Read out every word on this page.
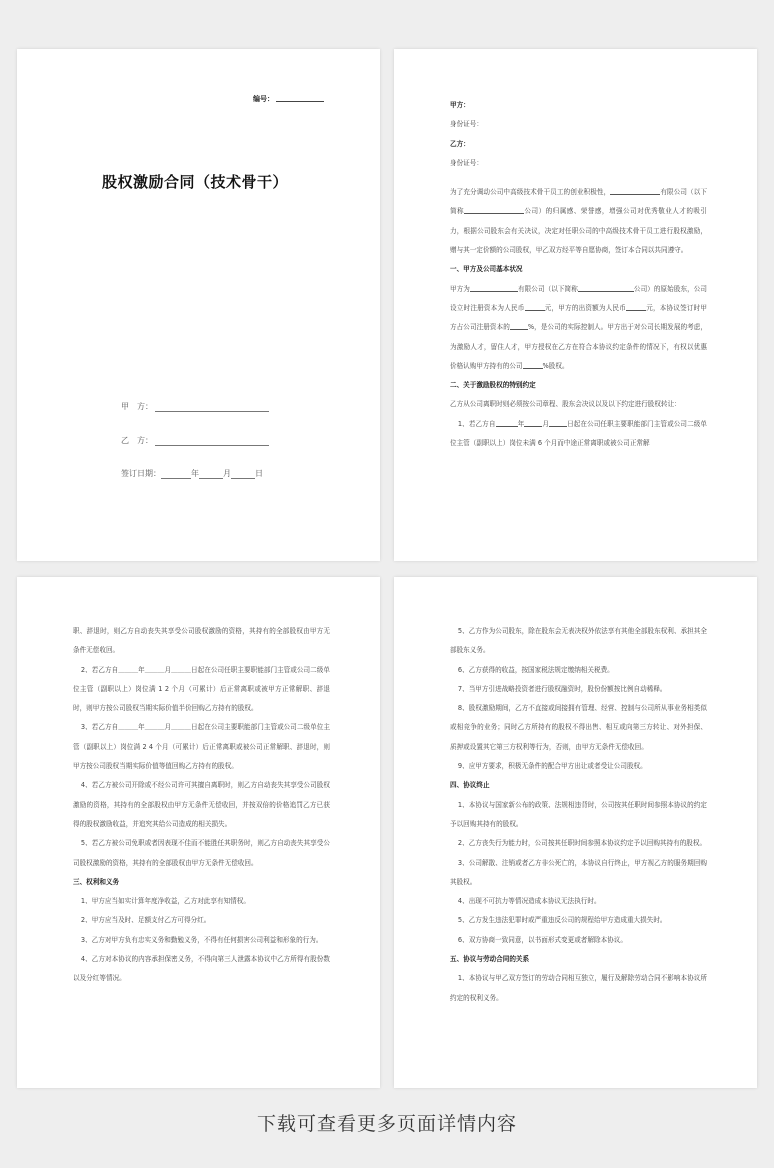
编号：
股权激励合同（技术骨干）
甲　方：
乙　方：
签订日期：	年	月	日

甲方：

身份证号：

乙方：

身份证号：

为了充分调动公司中高级技术骨干员工的创业积极性，	有限公司（以下简称	公司）的归属感、荣誉感，增强公司对优秀敬业人才的吸引力，根据公司股东会有关决议，决定对任职公司的中高级技术骨干员工进行股权激励，赠与其一定价额的公司股权，甲乙双方经平等自愿协商，签订本合同以共同遵守。

一、甲方及公司基本状况

甲方为	有限公司（以下简称	公司）的原始股东，公司设立时注册资本为人民币	元，甲方的出资额为人民币	元，本协议签订时甲方占公司注册资本的	%，是公司的实际控制人。甲方出于对公司长期发展的考虑，为激励人才，留住人才，甲方授权在乙方在符合本协议约定条件的情况下，有权以优惠价格认购甲方持有的公司	%股权。

二、关于激励股权的特别约定

乙方从公司离职时则必须按公司章程、股东会决议以及以下约定进行股权转让：

1、若乙方自	年	月	日起在公司任职主要职能部门主管或公司二级单位主管（副职以上）岗位未满 6 个月而中途正常离职或被公司正常解

职、辞退时，则乙方自动丧失其享受公司股权激励的资格，其持有的全部股权由甲方无条件无偿收回。

2、若乙方自＿＿＿年＿＿＿月＿＿＿日起在公司任职主要职能部门主管或公司二级单位主管（副职以上）岗位满 1 2 个月（可累计）后正常离职或被甲方正常解职、辞退时，则甲方按公司股权当期实际价值半价回购乙方持有的股权。

3、若乙方自＿＿＿年＿＿＿月＿＿＿日起在公司主要职能部门主管或公司二级单位主管（副职以上）岗位满 2 4 个月（可累计）后正常离职或被公司正常解职、辞退时，则甲方按公司股权当期实际价值等值回购乙方持有的股权。

4、若乙方被公司开除或不经公司许可其擅自离职时，则乙方自动丧失其享受公司股权激励的资格，其持有的全部股权由甲方无条件无偿收回，并按双倍的价格追罚乙方已获得的股权激励收益，并追究其给公司造成的相关损失。

5、若乙方被公司免职或者因表现不佳而不能胜任其职务时，则乙方自动丧失其享受公司股权激励的资格，其持有的全部股权由甲方无条件无偿收回。

三、权利和义务

1、甲方应当如实计算年度净收益，乙方对此享有知情权。

2、甲方应当及时、足额支付乙方可得分红。

3、乙方对甲方负有忠实义务和勤勉义务，不得有任何损害公司利益和形象的行为。

4、乙方对本协议的内容承担保密义务，不得向第三人泄露本协议中乙方所得有股份数以及分红等情况。

5、乙方作为公司股东，除在股东会无表决权外依法享有其他全部股东权利、承担其全部股东义务。

6、乙方获得的收益，按国家税法规定缴纳相关税费。

7、当甲方引进战略投资者进行股权融资时，股份份额按比例自动稀释。

8、股权激励期间，乙方不直接或间接拥有管理、经营、控制与公司所从事业务相类似或相竞争的业务；同时乙方所持有的股权不得出售、相互或向第三方转让、对外担保、质押或设置其它第三方权利等行为，否则，由甲方无条件无偿收回。

9、应甲方要求，积极无条件的配合甲方出让或者受让公司股权。

四、协议终止

1、本协议与国家新公布的政策、法规相违背时，公司按其任职时间参照本协议的约定予以回购其持有的股权。

2、乙方丧失行为能力时，公司按其任职时间参照本协议约定予以回购其持有的股权。

3、公司解散、注销或者乙方非公死亡的，本协议自行终止，甲方视乙方的服务期回购其股权。

4、出现不可抗力等情况造成本协议无法执行时。

5、乙方发生违法犯罪时或严重违反公司的规程给甲方造成重大损失时。

6、双方协商一致同意，以书面形式变更或者解除本协议。

五、协议与劳动合同的关系

1、本协议与甲乙双方签订的劳动合同相互独立，履行及解除劳动合同不影响本协议所约定的权利义务。

下载可查看更多页面详情内容
